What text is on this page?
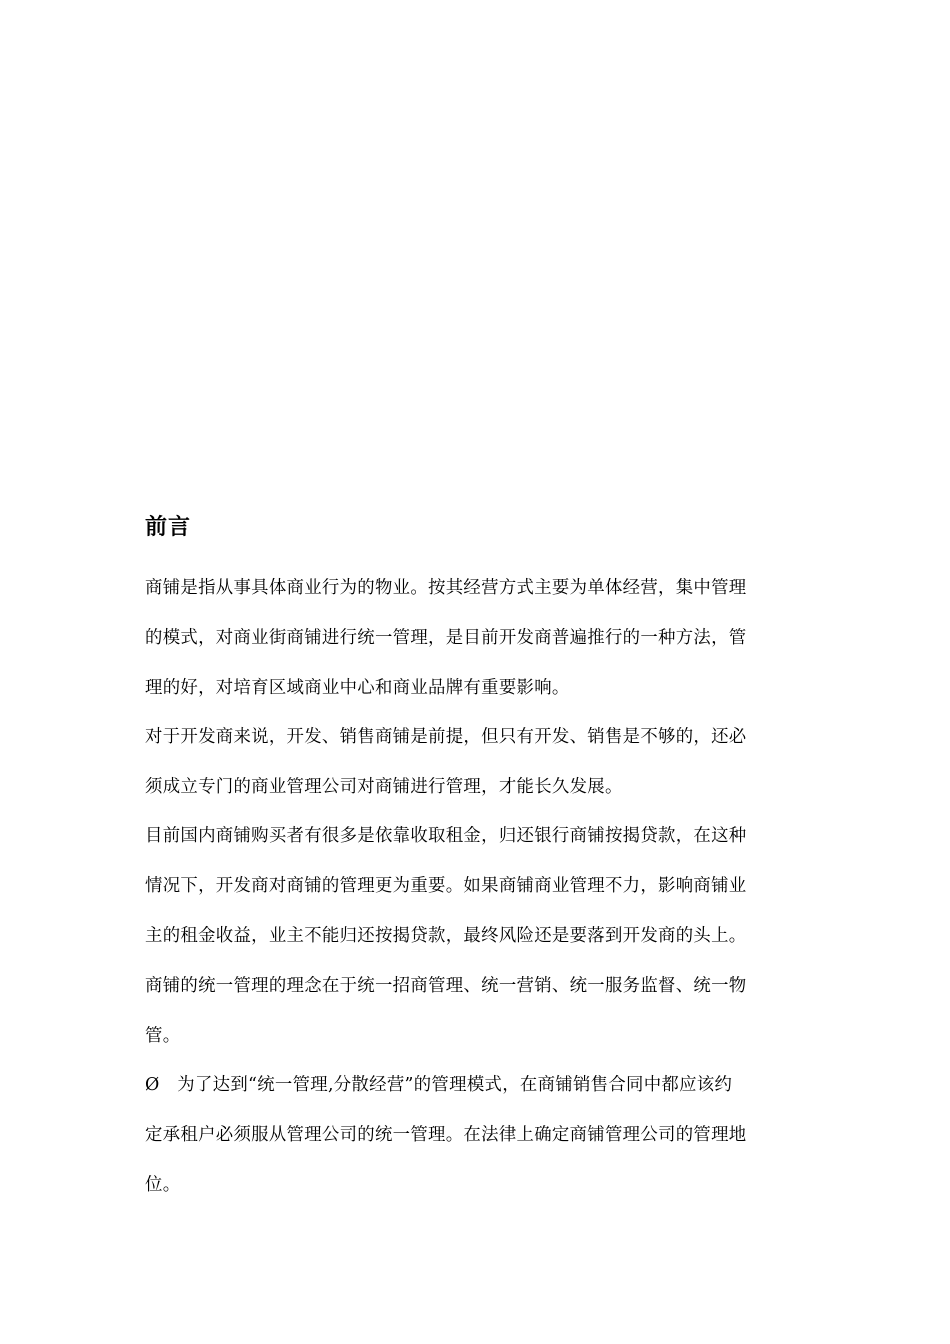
前言
商铺是指从事具体商业行为的物业。按其经营方式主要为单体经营，集中管理
的模式，对商业街商铺进行统一管理，是目前开发商普遍推行的一种方法，管
理的好，对培育区域商业中心和商业品牌有重要影响。
对于开发商来说，开发、销售商铺是前提，但只有开发、销售是不够的，还必
须成立专门的商业管理公司对商铺进行管理，才能长久发展。
目前国内商铺购买者有很多是依靠收取租金，归还银行商铺按揭贷款，在这种
情况下，开发商对商铺的管理更为重要。如果商铺商业管理不力，影响商铺业
主的租金收益，业主不能归还按揭贷款，最终风险还是要落到开发商的头上。
商铺的统一管理的理念在于统一招商管理、统一营销、统一服务监督、统一物
管。
Ø　为了达到“统一管理,分散经营”的管理模式，在商铺销售合同中都应该约
定承租户必须服从管理公司的统一管理。在法律上确定商铺管理公司的管理地
位。
